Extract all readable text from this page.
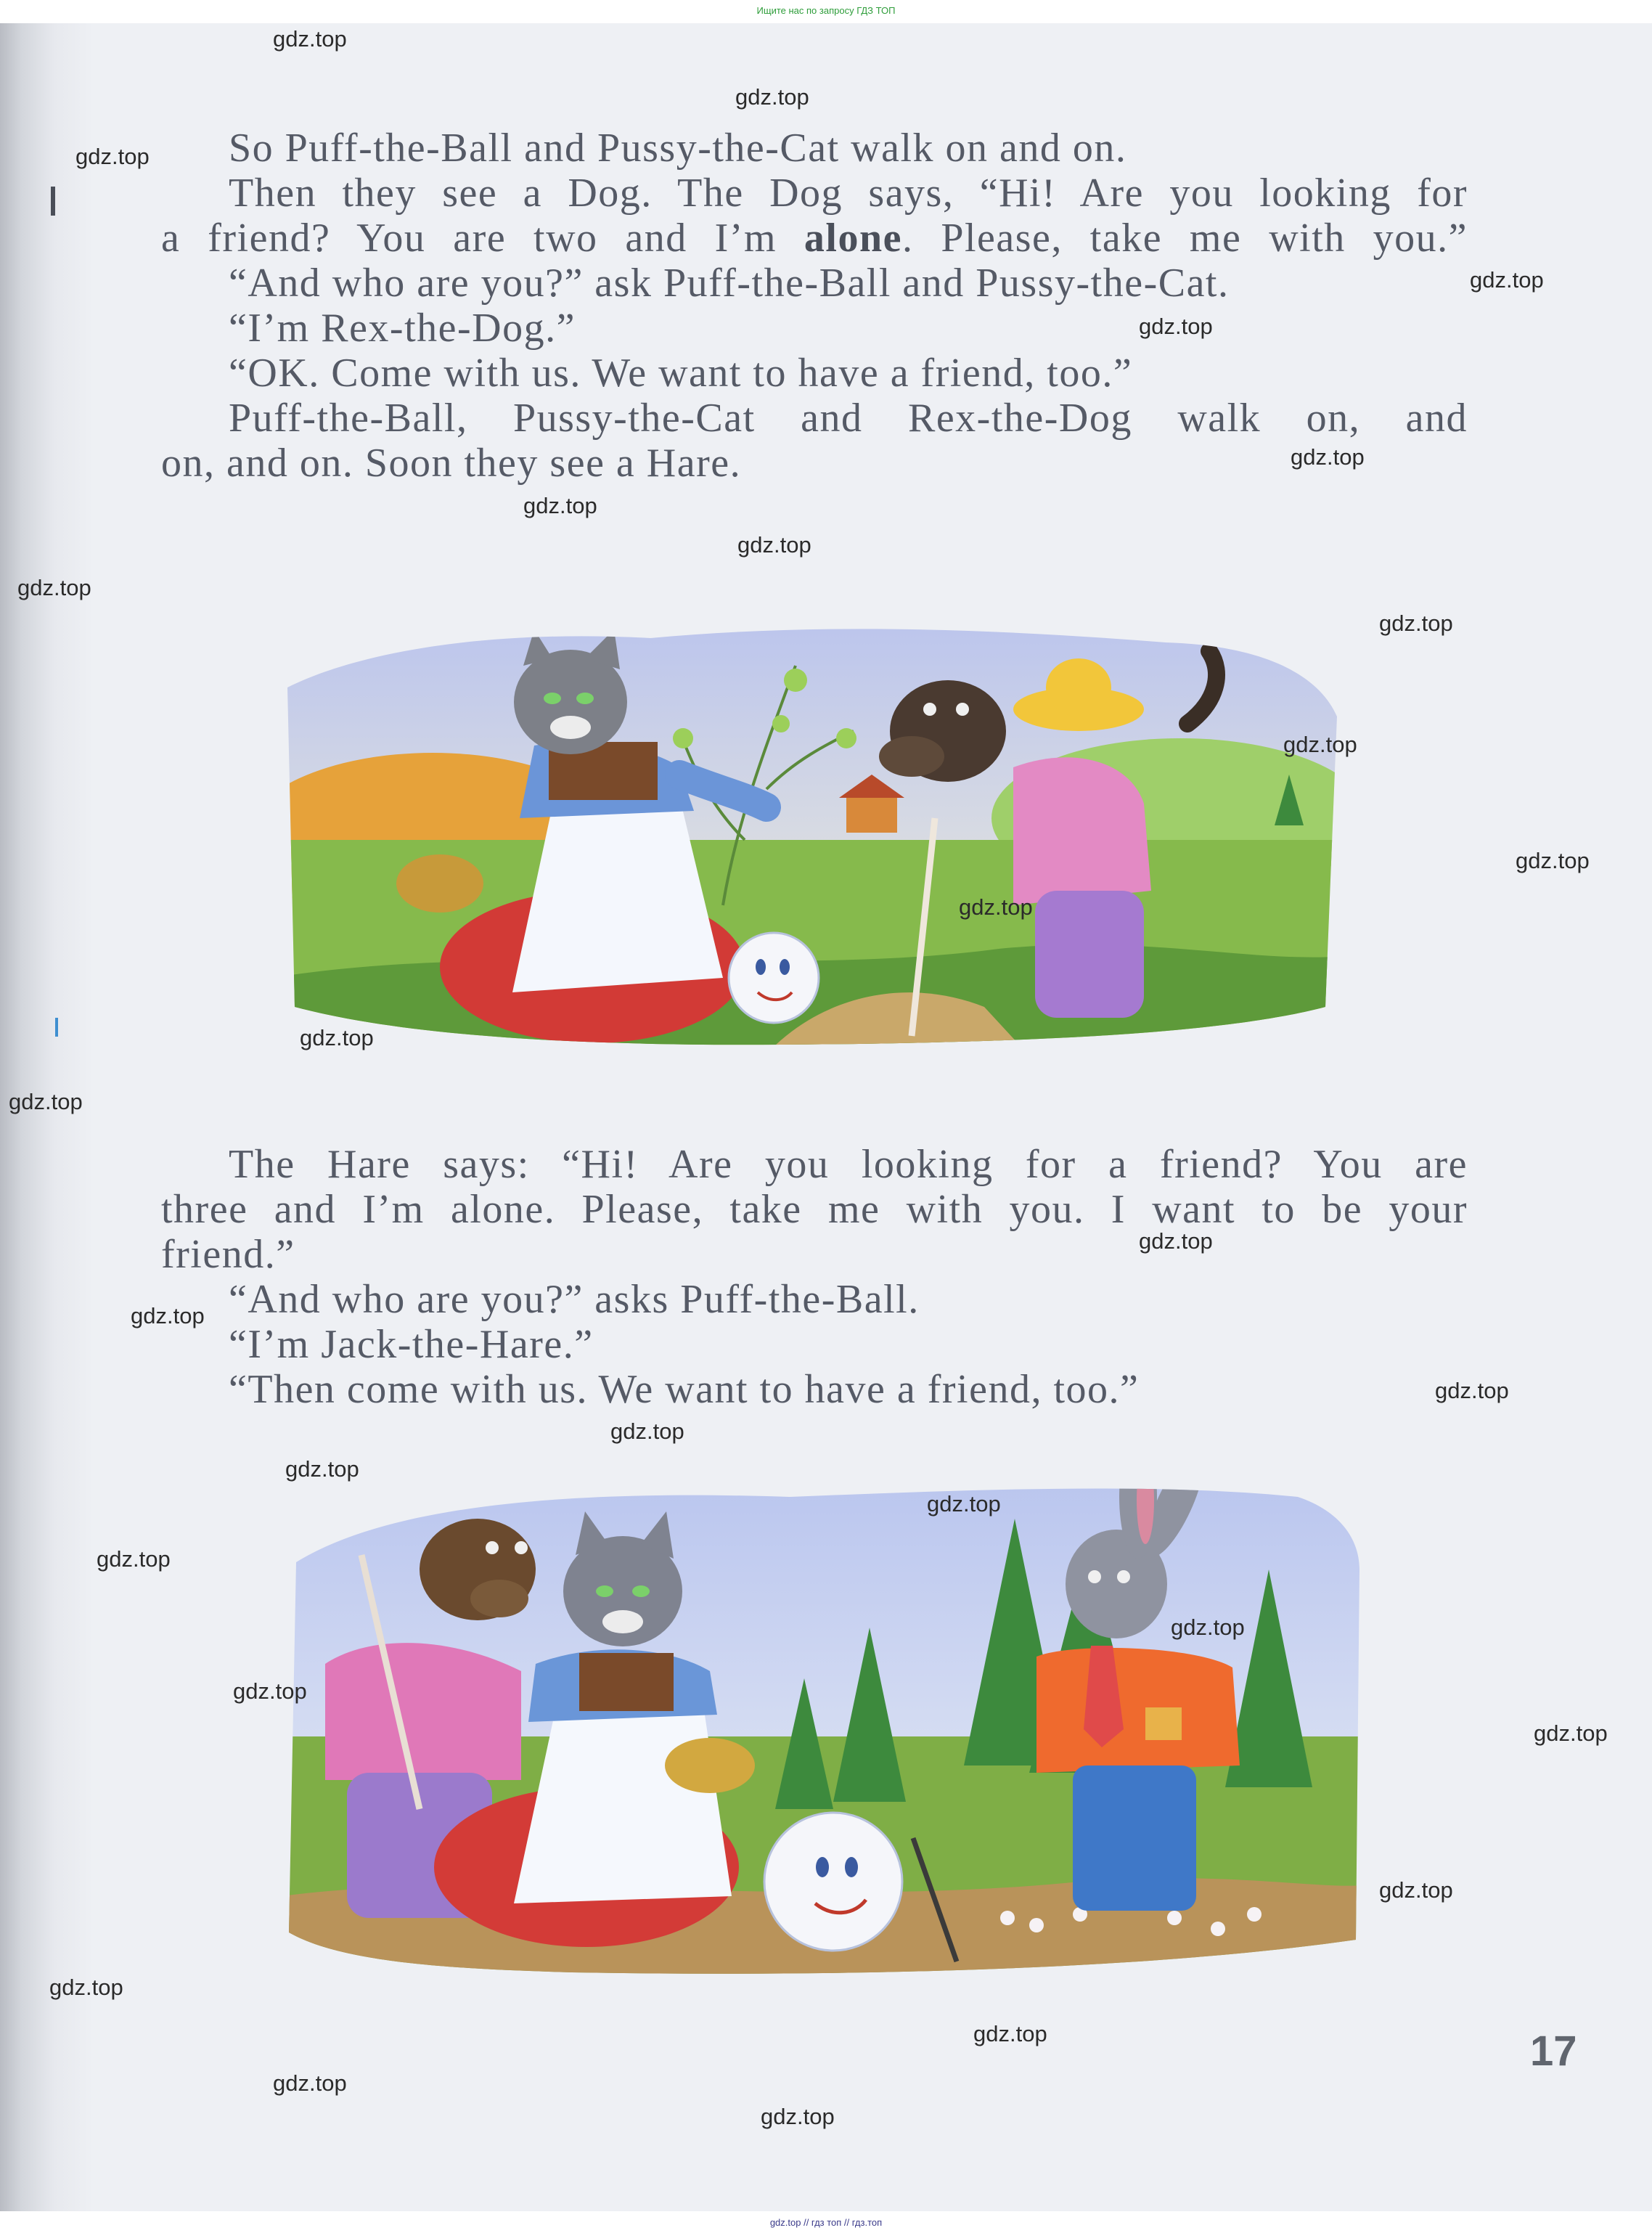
Ищите нас по запросу ГДЗ ТОП
So Puff-the-Ball and Pussy-the-Cat walk on and on.
Then they see a Dog. The Dog says, “Hi! Are you looking for
a friend? You are two and I’m alone. Please, take me with you.”
“And who are you?” ask Puff-the-Ball and Pussy-the-Cat.
“I’m Rex-the-Dog.”
“OK. Come with us. We want to have a friend, too.”
Puff-the-Ball, Pussy-the-Cat and Rex-the-Dog walk on, and
on, and on. Soon they see a Hare.
The Hare says: “Hi! Are you looking for a friend? You are
three and I’m alone. Please, take me with you. I want to be your
friend.”
“And who are you?” asks Puff-the-Ball.
“I’m Jack-the-Hare.”
“Then come with us. We want to have a friend, too.”
17
gdz.top
gdz.top
gdz.top
gdz.top
gdz.top
gdz.top
gdz.top
gdz.top
gdz.top
gdz.top
gdz.top
gdz.top
gdz.top
gdz.top
gdz.top
gdz.top
gdz.top
gdz.top
gdz.top
gdz.top
gdz.top
gdz.top
gdz.top
gdz.top
gdz.top
gdz.top
gdz.top
gdz.top
gdz.top
gdz.top
gdz.top // гдз топ // гдз.топ
